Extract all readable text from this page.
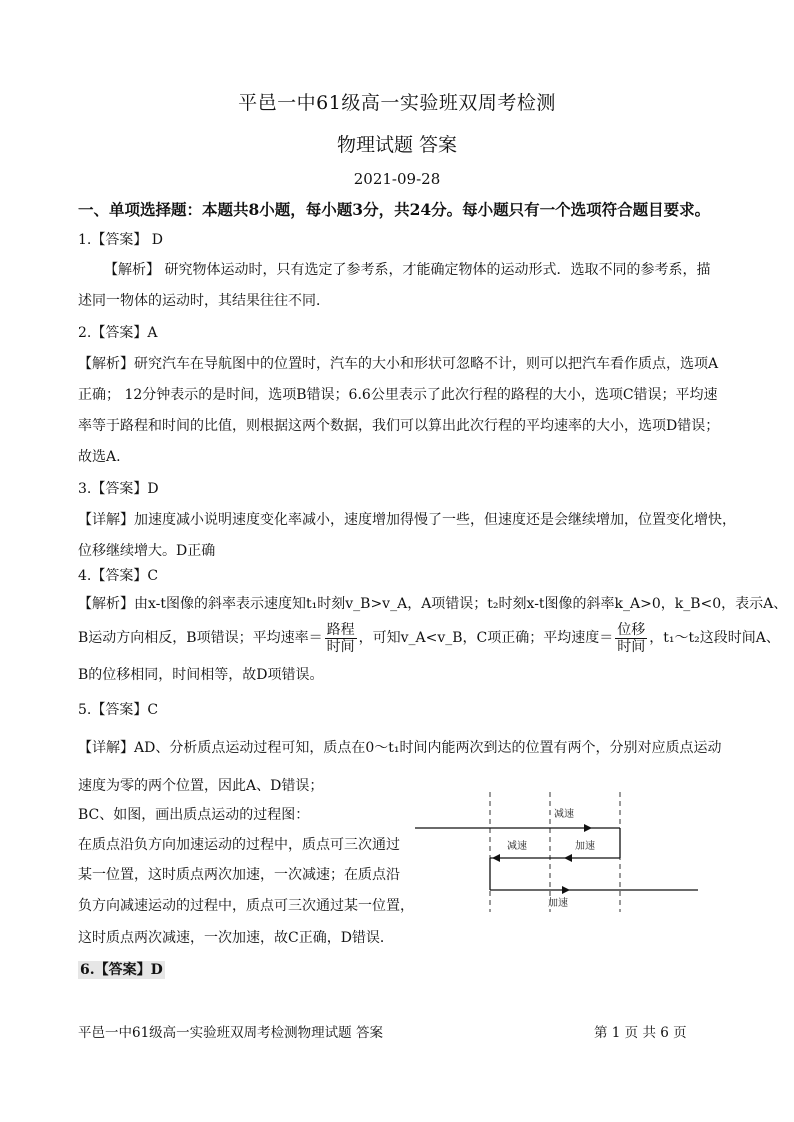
平邑一中61级高一实验班双周考检测
物理试题 答案
2021-09-28
一、单项选择题：本题共8小题，每小题3分，共24分。每小题只有一个选项符合题目要求。
1.【答案】 D
【解析】 研究物体运动时，只有选定了参考系，才能确定物体的运动形式．选取不同的参考系，描
述同一物体的运动时，其结果往往不同．
2.【答案】A
【解析】研究汽车在导航图中的位置时，汽车的大小和形状可忽略不计，则可以把汽车看作质点，选项A
正确； 12分钟表示的是时间，选项B错误；6.6公里表示了此次行程的路程的大小，选项C错误；平均速
率等于路程和时间的比值，则根据这两个数据，我们可以算出此次行程的平均速率的大小，选项D错误；
故选A.
3.【答案】D
【详解】加速度减小说明速度变化率减小，速度增加得慢了一些，但速度还是会继续增加，位置变化增快，
位移继续增大。D正确
4.【答案】C
【解析】由x-t图像的斜率表示速度知t₁时刻v_B>v_A，A项错误；t₂时刻x-t图像的斜率k_A>0，k_B<0，表示A、
B运动方向相反，B项错误；平均速率＝ $\frac{\text{路程}}{\text{时间}}$ ，可知v_A<v_B，C项正确；平均速度＝ $\frac{\text{位移}}{\text{时间}}$ ，t₁～t₂这段时间A、
B的位移相同，时间相等，故D项错误。
5.【答案】C
【详解】AD、分析质点运动过程可知，质点在0～t₁时间内能两次到达的位置有两个，分别对应质点运动
速度为零的两个位置，因此A、D错误；
BC、如图，画出质点运动的过程图：
在质点沿负方向加速运动的过程中，质点可三次通过
某一位置，这时质点两次加速，一次减速；在质点沿
负方向减速运动的过程中，质点可三次通过某一位置，
这时质点两次减速，一次加速，故C正确，D错误．
减速
减速	加速
加速
6.【答案】D
平邑一中61级高一实验班双周考检测物理试题 答案	第 1 页 共 6 页
